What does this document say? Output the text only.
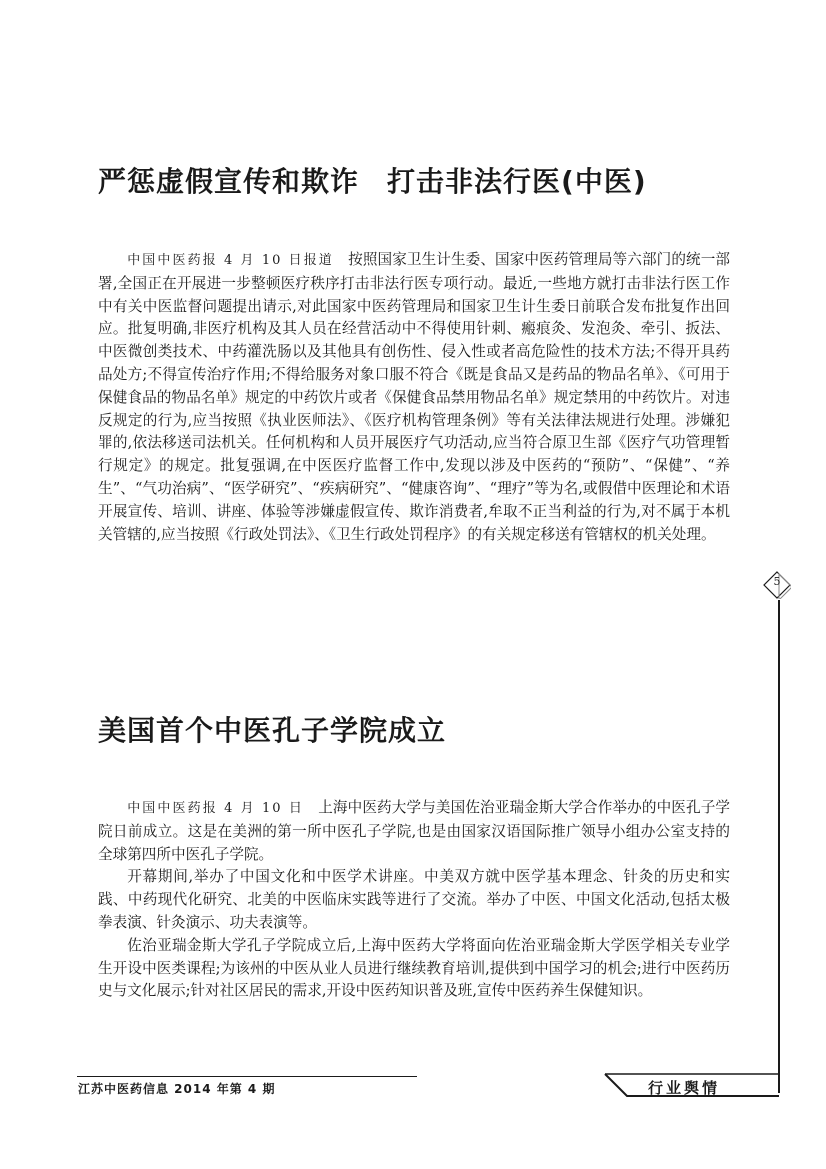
严惩虚假宣传和欺诈 打击非法行医(中医)

中国中医药报 4 月 10 日报道 按照国家卫生计生委、国家中医药管理局等六部门的统一部署,全国正在开展进一步整顿医疗秩序打击非法行医专项行动。最近,一些地方就打击非法行医工作中有关中医监督问题提出请示,对此国家中医药管理局和国家卫生计生委日前联合发布批复作出回应。批复明确,非医疗机构及其人员在经营活动中不得使用针刺、瘢痕灸、发泡灸、牵引、扳法、中医微创类技术、中药灌洗肠以及其他具有创伤性、侵入性或者高危险性的技术方法;不得开具药品处方;不得宣传治疗作用;不得给服务对象口服不符合《既是食品又是药品的物品名单》、《可用于保健食品的物品名单》规定的中药饮片或者《保健食品禁用物品名单》规定禁用的中药饮片。对违反规定的行为,应当按照《执业医师法》、《医疗机构管理条例》等有关法律法规进行处理。涉嫌犯罪的,依法移送司法机关。任何机构和人员开展医疗气功活动,应当符合原卫生部《医疗气功管理暂行规定》的规定。批复强调,在中医医疗监督工作中,发现以涉及中医药的“预防”、“保健”、“养生”、“气功治病”、“医学研究”、“疾病研究”、“健康咨询”、“理疗”等为名,或假借中医理论和术语开展宣传、培训、讲座、体验等涉嫌虚假宣传、欺诈消费者,牟取不正当利益的行为,对不属于本机关管辖的,应当按照《行政处罚法》、《卫生行政处罚程序》的有关规定移送有管辖权的机关处理。

美国首个中医孔子学院成立

中国中医药报 4 月 10 日 上海中医药大学与美国佐治亚瑞金斯大学合作举办的中医孔子学院日前成立。这是在美洲的第一所中医孔子学院,也是由国家汉语国际推广领导小组办公室支持的全球第四所中医孔子学院。

开幕期间,举办了中国文化和中医学术讲座。中美双方就中医学基本理念、针灸的历史和实践、中药现代化研究、北美的中医临床实践等进行了交流。举办了中医、中国文化活动,包括太极拳表演、针灸演示、功夫表演等。

佐治亚瑞金斯大学孔子学院成立后,上海中医药大学将面向佐治亚瑞金斯大学医学相关专业学生开设中医类课程;为该州的中医从业人员进行继续教育培训,提供到中国学习的机会;进行中医药历史与文化展示;针对社区居民的需求,开设中医药知识普及班,宣传中医药养生保健知识。

5
江苏中医药信息 2014 年第 4 期	行业舆情
